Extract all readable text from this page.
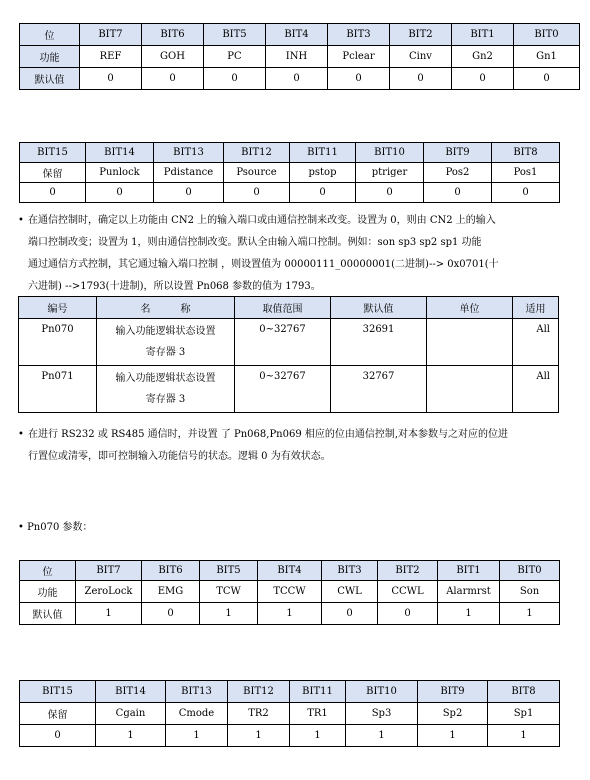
位	BIT7	BIT6	BIT5	BIT4	BIT3	BIT2	BIT1	BIT0
功能	REF	GOH	PC	INH	Pclear	Cinv	Gn2	Gn1
默认值	0	0	0	0	0	0	0	0
BIT15	BIT14	BIT13	BIT12	BIT11	BIT10	BIT9	BIT8
保留	Punlock	Pdistance	Psource	pstop	ptriger	Pos2	Pos1
0	0	0	0	0	0	0	0
• 在通信控制时，确定以上功能由 CN2 上的输入端口或由通信控制来改变。设置为 0，则由 CN2 上的输入
端口控制改变；设置为 1，则由通信控制改变。默认全由输入端口控制。例如：son sp3 sp2 sp1 功能
通过通信方式控制，其它通过输入端口控制 ，则设置值为 00000111_00000001(二进制)--> 0x0701(十
六进制) -->1793(十进制)，所以设置 Pn068 参数的值为 1793。
编号	名　　　称	取值范围	默认值	单位	适用
Pn070	输入功能逻辑状态设置
寄存器 3	0~32767	32691		All
Pn071	输入功能逻辑状态设置
寄存器 3	0~32767	32767		All
• 在进行 RS232 或 RS485 通信时，并设置 了 Pn068,Pn069 相应的位由通信控制,对本参数与之对应的位进
行置位或清零，即可控制输入功能信号的状态。逻辑 0 为有效状态。
• Pn070 参数：
位	BIT7	BIT6	BIT5	BIT4	BIT3	BIT2	BIT1	BIT0
功能	ZeroLock	EMG	TCW	TCCW	CWL	CCWL	Alarmrst	Son
默认值	1	0	1	1	0	0	1	1
BIT15	BIT14	BIT13	BIT12	BIT11	BIT10	BIT9	BIT8
保留	Cgain	Cmode	TR2	TR1	Sp3	Sp2	Sp1
0	1	1	1	1	1	1	1
